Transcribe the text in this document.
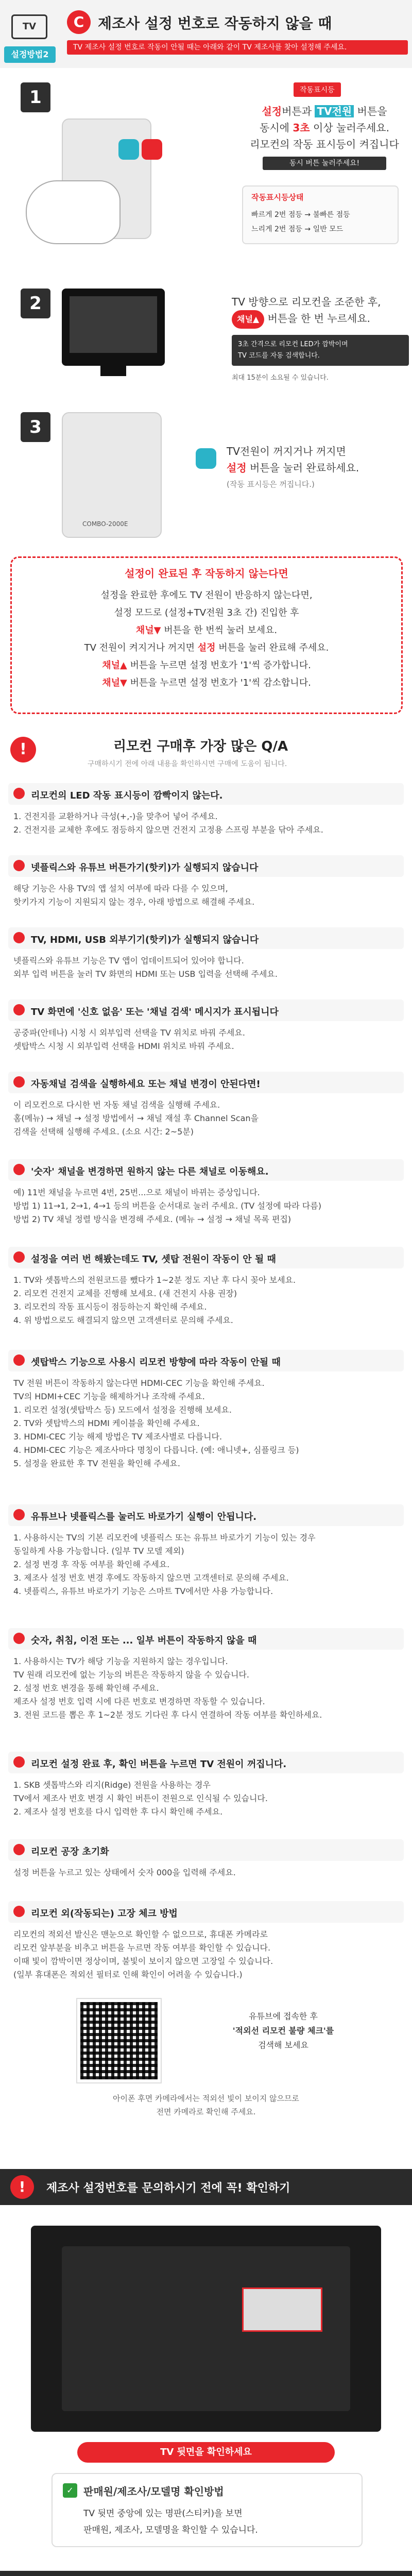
TV
설정방법2
C 제조사 설정 번호로 작동하지 않을 때
TV 제조사 설정 번호로 작동이 안될 때는 아래와 같이 TV 제조사를 찾아 설정해 주세요.
1	작동표시등
설정버튼과 TV전원 버튼을
동시에 3초 이상 눌러주세요.
리모컨의 작동 표시등이 켜집니다
동시 버튼 눌러주세요!
작동표시등상태
빠르게 2번 점등 → 불빠른 점등
느리게 2번 점등 → 일반 모드
2	TV 방향으로 리모컨을 조준한 후,
채널▲ 버튼을 한 번 누르세요.
3초 간격으로 리모컨 LED가 깜박이며
TV 코드를 자동 검색합니다.
최대 15분이 소요될 수 있습니다.
3
COMBO-2000E
TV전원이 꺼지거나 꺼지면
설정 버튼을 눌러 완료하세요.
(작동 표시등은 꺼집니다.)
설정이 완료된 후 작동하지 않는다면
설정을 완료한 후에도 TV 전원이 반응하지 않는다면,
설정 모드로 (설정+TV전원 3초 간) 진입한 후
채널▼ 버튼을 한 번씩 눌러 보세요.
TV 전원이 켜지거나 꺼지면 설정 버튼을 눌러 완료해 주세요.
채널▲ 버튼을 누르면 설정 번호가 '1'씩 증가합니다.
채널▼ 버튼을 누르면 설정 번호가 '1'씩 감소합니다.
!	리모컨 구매후 가장 많은 Q/A
구매하시기 전에 아래 내용을 확인하시면 구매에 도움이 됩니다.
리모컨의 LED 작동 표시등이 깜빡이지 않는다.
1. 건전지를 교환하거나 극성(+,-)을 맞추어 넣어 주세요.
2. 건전지를 교체한 후에도 점등하지 않으면 건전지 고정용 스프링 부분을 닦아 주세요.
넷플릭스와 유튜브 버튼가기(핫키)가 실행되지 않습니다
해당 기능은 사용 TV의 앱 설치 여부에 따라 다를 수 있으며,
핫키가지 기능이 지원되지 않는 경우, 아래 방법으로 해결해 주세요.
TV, HDMI, USB 외부기기(핫키)가 실행되지 않습니다
넷플릭스와 유튜브 기능은 TV 앱이 업데이트되어 있어야 합니다.
외부 입력 버튼을 눌러 TV 화면의 HDMI 또는 USB 입력을 선택해 주세요.
TV 화면에 '신호 없음' 또는 '채널 검색' 메시지가 표시됩니다
공중파(안테나) 시청 시 외부입력 선택을 TV 위치로 바꿔 주세요.
셋탑박스 시청 시 외부입력 선택을 HDMI 위치로 바꿔 주세요.
자동채널 검색을 실행하세요 또는 채널 변경이 안된다면!
이 리모컨으로 다시한 번 자동 채널 검색을 실행해 주세요.
홈(메뉴) → 채널 → 설정 방법에서 → 채널 재설 후 Channel Scan을
검색을 선택해 실행해 주세요. (소요 시간: 2~5분)
'숫자' 채널을 변경하면 원하지 않는 다른 채널로 이동해요.
예) 11번 채널을 누르면 4번, 25번...으로 채널이 바뀌는 증상입니다.
방법 1) 11→1, 2→1, 4→1 등의 버튼을 순서대로 눌러 주세요. (TV 설정에 따라 다름)
방법 2) TV 채널 정렬 방식을 변경해 주세요. (메뉴 → 설정 → 채널 목록 편집)
설정을 여러 번 해봤는데도 TV, 셋탑 전원이 작동이 안 될 때
1. TV와 셋톱박스의 전원코드를 뺐다가 1~2분 정도 지난 후 다시 꽂아 보세요.
2. 리모컨 건전지 교체를 진행해 보세요. (새 건전지 사용 권장)
3. 리모컨의 작동 표시등이 점등하는지 확인해 주세요.
4. 위 방법으로도 해결되지 않으면 고객센터로 문의해 주세요.
셋탑박스 기능으로 사용시 리모컨 방향에 따라 작동이 안될 때
TV 전원 버튼이 작동하지 않는다면 HDMI-CEC 기능을 확인해 주세요.
TV의 HDMI+CEC 기능을 해제하거나 조작해 주세요.
1. 리모컨 설정(셋탑박스 등) 모드에서 설정을 진행해 보세요.
2. TV와 셋탑박스의 HDMI 케이블을 확인해 주세요.
3. HDMI-CEC 기능 해제 방법은 TV 제조사별로 다릅니다.
4. HDMI-CEC 기능은 제조사마다 명칭이 다릅니다. (예: 애니넷+, 심플링크 등)
5. 설정을 완료한 후 TV 전원을 확인해 주세요.
유튜브나 넷플릭스를 눌러도 바로가기 실행이 안됩니다.
1. 사용하시는 TV의 기본 리모컨에 넷플릭스 또는 유튜브 바로가기 기능이 있는 경우
동일하게 사용 가능합니다. (일부 TV 모델 제외)
2. 설정 변경 후 작동 여부를 확인해 주세요.
3. 제조사 설정 번호 변경 후에도 작동하지 않으면 고객센터로 문의해 주세요.
4. 넷플릭스, 유튜브 바로가기 기능은 스마트 TV에서만 사용 가능합니다.
숫자, 취침, 이전 또는 ... 일부 버튼이 작동하지 않을 때
1. 사용하시는 TV가 해당 기능을 지원하지 않는 경우입니다.
TV 원래 리모컨에 없는 기능의 버튼은 작동하지 않을 수 있습니다.
2. 설정 번호 변경을 통해 확인해 주세요.
제조사 설정 번호 입력 시에 다른 번호로 변경하면 작동할 수 있습니다.
3. 전원 코드를 뽑은 후 1~2분 정도 기다린 후 다시 연결하여 작동 여부를 확인하세요.
리모컨 설정 완료 후, 확인 버튼을 누르면 TV 전원이 꺼집니다.
1. SKB 셋톱박스와 리지(Ridge) 전원을 사용하는 경우
TV에서 제조사 번호 변경 시 확인 버튼이 전원으로 인식될 수 있습니다.
2. 제조사 설정 번호를 다시 입력한 후 다시 확인해 주세요.
리모컨 공장 초기화
설정 버튼을 누르고 있는 상태에서 숫자 000을 입력해 주세요.
리모컨 외(작동되는) 고장 체크 방법
리모컨의 적외선 발신은 맨눈으로 확인할 수 없으므로, 휴대폰 카메라로
리모컨 앞부분을 비추고 버튼을 누르면 작동 여부를 확인할 수 있습니다.
이때 빛이 깜박이면 정상이며, 불빛이 보이지 않으면 고장일 수 있습니다.
(일부 휴대폰은 적외선 필터로 인해 확인이 어려울 수 있습니다.)
유튜브에 접속한 후
'적외선 리모컨 불량 체크'를
검색해 보세요
아이폰 후면 카메라에서는 적외선 빛이 보이지 않으므로
전면 카메라로 확인해 주세요.
!	제조사 설정번호를 문의하시기 전에 꼭! 확인하기
TV 뒷면을 확인하세요
✓ 판매원/제조사/모델명 확인방법
TV 뒷면 중앙에 있는 명판(스티커)을 보면
판매원, 제조사, 모델명을 확인할 수 있습니다.
